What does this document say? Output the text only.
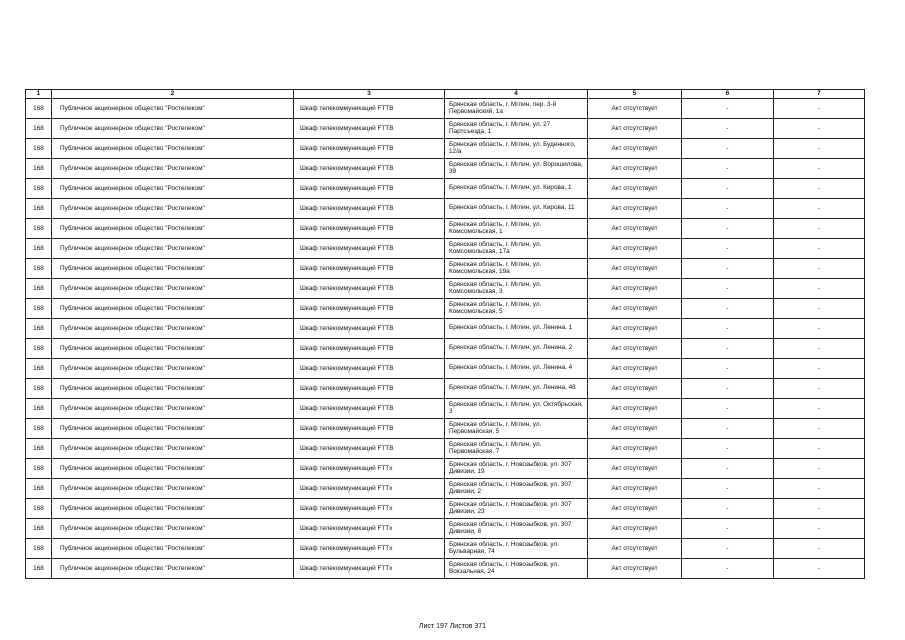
1	2	3	4	5	6	7
168	Публичное акционерное общество "Ростелеком"	Шкаф телекоммуникаций FTTB	Брянская область, г. Мглин, пер. 3-й Первомайский, 1а	Акт отсутствует	-	-
168	Публичное акционерное общество "Ростелеком"	Шкаф телекоммуникаций FTTB	Брянская область, г. Мглин, ул. 27 Партсъезда, 1	Акт отсутствует	-	-
168	Публичное акционерное общество "Ростелеком"	Шкаф телекоммуникаций FTTB	Брянская область, г. Мглин, ул. Буденного, 12/а	Акт отсутствует	-	-
168	Публичное акционерное общество "Ростелеком"	Шкаф телекоммуникаций FTTB	Брянская область, г. Мглин, ул. Ворошилова, 39	Акт отсутствует	-	-
168	Публичное акционерное общество "Ростелеком"	Шкаф телекоммуникаций FTTB	Брянская область, г. Мглин, ул. Кирова, 1	Акт отсутствует	-	-
168	Публичное акционерное общество "Ростелеком"	Шкаф телекоммуникаций FTTB	Брянская область, г. Мглин, ул. Кирова, 11	Акт отсутствует	-	-
168	Публичное акционерное общество "Ростелеком"	Шкаф телекоммуникаций FTTB	Брянская область, г. Мглин, ул. Комсомольская, 1	Акт отсутствует	-	-
168	Публичное акционерное общество "Ростелеком"	Шкаф телекоммуникаций FTTB	Брянская область, г. Мглин, ул. Комсомольская, 17а	Акт отсутствует	-	-
168	Публичное акционерное общество "Ростелеком"	Шкаф телекоммуникаций FTTB	Брянская область, г. Мглин, ул. Комсомольская, 19а	Акт отсутствует	-	-
168	Публичное акционерное общество "Ростелеком"	Шкаф телекоммуникаций FTTB	Брянская область, г. Мглин, ул. Комсомольская, 3	Акт отсутствует	-	-
168	Публичное акционерное общество "Ростелеком"	Шкаф телекоммуникаций FTTB	Брянская область, г. Мглин, ул. Комсомольская, 5	Акт отсутствует	-	-
168	Публичное акционерное общество "Ростелеком"	Шкаф телекоммуникаций FTTB	Брянская область, г. Мглин, ул. Ленина, 1	Акт отсутствует	-	-
168	Публичное акционерное общество "Ростелеком"	Шкаф телекоммуникаций FTTB	Брянская область, г. Мглин, ул. Ленина, 2	Акт отсутствует	-	-
168	Публичное акционерное общество "Ростелеком"	Шкаф телекоммуникаций FTTB	Брянская область, г. Мглин, ул. Ленина, 4	Акт отсутствует	-	-
168	Публичное акционерное общество "Ростелеком"	Шкаф телекоммуникаций FTTB	Брянская область, г. Мглин, ул. Ленина, 48	Акт отсутствует	-	-
168	Публичное акционерное общество "Ростелеком"	Шкаф телекоммуникаций FTTB	Брянская область, г. Мглин, ул. Октябрьская, 3	Акт отсутствует	-	-
168	Публичное акционерное общество "Ростелеком"	Шкаф телекоммуникаций FTTB	Брянская область, г. Мглин, ул. Первомайская, 5	Акт отсутствует	-	-
168	Публичное акционерное общество "Ростелеком"	Шкаф телекоммуникаций FTTB	Брянская область, г. Мглин, ул. Первомайская, 7	Акт отсутствует	-	-
168	Публичное акционерное общество "Ростелеком"	Шкаф телекоммуникаций FTTx	Брянская область, г. Новозыбков, ул. 307 Дивизии, 19	Акт отсутствует	-	-
168	Публичное акционерное общество "Ростелеком"	Шкаф телекоммуникаций FTTx	Брянская область, г. Новозыбков, ул. 307 Дивизии, 2	Акт отсутствует	-	-
168	Публичное акционерное общество "Ростелеком"	Шкаф телекоммуникаций FTTx	Брянская область, г. Новозыбков, ул. 307 Дивизии, 23	Акт отсутствует	-	-
168	Публичное акционерное общество "Ростелеком"	Шкаф телекоммуникаций FTTx	Брянская область, г. Новозыбков, ул. 307 Дивизии, 8	Акт отсутствует	-	-
168	Публичное акционерное общество "Ростелеком"	Шкаф телекоммуникаций FTTx	Брянская область, г. Новозыбков, ул. Бульварная, 74	Акт отсутствует	-	-
168	Публичное акционерное общество "Ростелеком"	Шкаф телекоммуникаций FTTx	Брянская область, г. Новозыбков, ул. Вокзальная, 24	Акт отсутствует	-	-
Лист 197 Листов 371
